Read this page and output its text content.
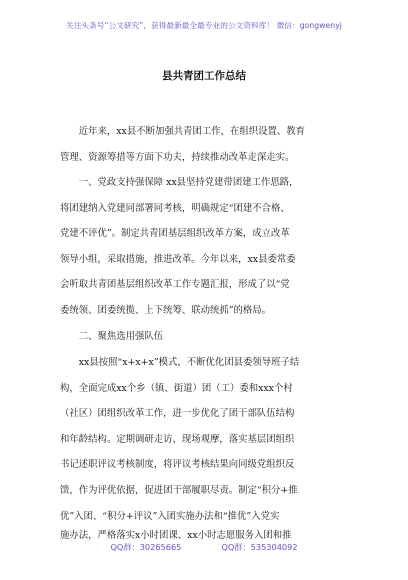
关注头条号“公文研究”，获得最新最全最专业的公文资料库！ 微信：gongwenyj
县共青团工作总结
　　近年来，xx县不断加强共青团工作，在组织设置、教育
管理、资源筹措等方面下功夫，持续推动改革走深走实。
　　一、党政支持强保障 xx县坚持党建带团建工作思路，
将团建纳入党建同部署同考核，明确规定“团建不合格、
党建不评优”。制定共青团基层组织改革方案，成立改革
领导小组，采取措施，推进改革。今年以来，xx县委常委
会听取共青团基层组织改革工作专题汇报，形成了以“党
委统领、团委统揽、上下统筹、联动统抓”的格局。
　　二、聚焦选用强队伍
　　xx县按照“x+x+x”模式，不断优化团县委领导班子结
构，全面完成xx个乡（镇、街道）团（工）委和xxx个村
（社区）团组织改革工作，进一步优化了团干部队伍结构
和年龄结构。定期调研走访、现场观摩，落实基层团组织
书记述职评议考核制度，将评议考核结果向同级党组织反
馈，作为评优依据，促进团干部履职尽责。制定“积分+推
优”入团、“积分+评议”入团实施办法和“推优”入党实
施办法，严格落实x小时团课、xx小时志愿服务入团和推
QQ群：30265665	QQ群：535304092
